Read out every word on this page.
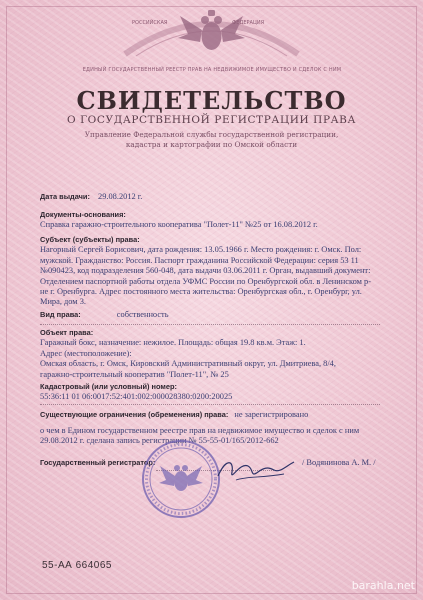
РОССИЙСКАЯ	ФЕДЕРАЦИЯ
ЕДИНЫЙ ГОСУДАРСТВЕННЫЙ РЕЕСТР ПРАВ НА НЕДВИЖИМОЕ ИМУЩЕСТВО И СДЕЛОК С НИМ
СВИДЕТЕЛЬСТВО
О ГОСУДАРСТВЕННОЙ РЕГИСТРАЦИИ ПРАВА
Управление Федеральной службы государственной регистрации,
кадастра и картографии по Омской области
Дата выдачи: 29.08.2012 г.
Документы-основания:
Справка гаражно-строительного кооператива "Полет-11" №25 от 16.08.2012 г.
Субъект (субъекты) права:
Нагорный Сергей Борисович, дата рождения: 13.05.1966 г. Место рождения: г. Омск. Пол:
мужской. Гражданство: Россия. Паспорт гражданина Российской Федерации: серия 53 11
№090423, код подразделения 560-048, дата выдачи 03.06.2011 г. Орган, выдавший документ:
Отделением паспортной работы отдела УФМС России по Оренбургской обл. в Ленинском р-
не г. Оренбурга. Адрес постоянного места жительства: Оренбургская обл., г. Оренбург, ул.
Мира, дом 3.
Вид права:	собственность
Объект права:
Гаражный бокс, назначение: нежилое. Площадь: общая 19.8 кв.м. Этаж: 1.
Адрес (местоположение):
Омская область, г. Омск, Кировский Административный округ, ул. Дмитриева, 8/4,
гаражно-строительный кооператив "Полет-11", № 25
Кадастровый (или условный) номер:
55:36:11 01 06:0017:52:401:002:000028380:0200:20025
Существующие ограничения (обременения) права: не зарегистрировано
о чем в Едином государственном реестре прав на недвижимое имущество и сделок с ним
29.08.2012 г. сделана запись регистрации № 55-55-01/165/2012-662
Государственный регистратор:	/ Водянинова А. М. /
55-АА 664065
barahla.net
